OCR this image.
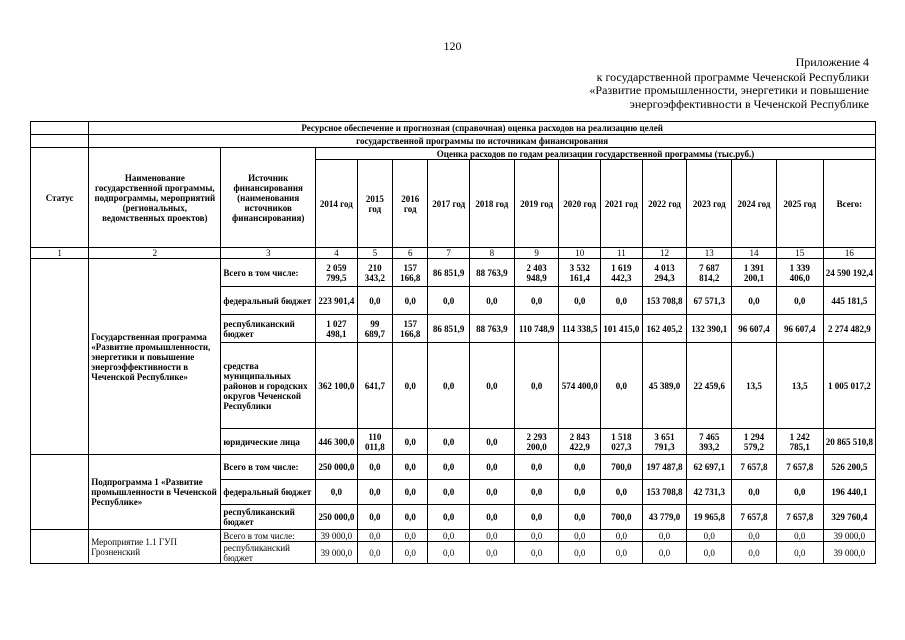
120
Приложение 4
к государственной программе Чеченской Республики
«Развитие промышленности, энергетики и повышение
энергоэффективности в Чеченской Республике
	Ресурсное обеспечение и прогнозная (справочная) оценка расходов на реализацию целей														
	государственной программы по источникам финансирования														
Статус	Наименование государственной программы, подпрограммы, мероприятий (региональных, ведомственных проектов)	Источник финансирования (наименования источников финансирования)	Оценка расходов по годам реализации государственной программы (тыс.руб.)												
			2014 год	2015 год	2016 год	2017 год	2018 год	2019 год	2020 год	2021 год	2022 год	2023 год	2024 год	2025 год	Всего:
1	2	3	4	5	6	7	8	9	10	11	12	13	14	15	16
	Государственная программа «Развитие промышленности, энергетики и повышение энергоэффективности в Чеченской Республике»	Всего в том числе:	2 059 799,5	210 343,2	157 166,8	86 851,9	88 763,9	2 403 948,9	3 532 161,4	1 619 442,3	4 013 294,3	7 687 814,2	1 391 200,1	1 339 406,0	24 590 192,4
		федеральный бюджет	223 901,4	0,0	0,0	0,0	0,0	0,0	0,0	0,0	153 708,8	67 571,3	0,0	0,0	445 181,5
		республиканский бюджет	1 027 498,1	99 689,7	157 166,8	86 851,9	88 763,9	110 748,9	114 338,5	101 415,0	162 405,2	132 390,1	96 607,4	96 607,4	2 274 482,9
		средства муниципальных районов и городских округов Чеченской Республики	362 100,0	641,7	0,0	0,0	0,0	0,0	574 400,0	0,0	45 389,0	22 459,6	13,5	13,5	1 005 017,2
		юридические лица	446 300,0	110 011,8	0,0	0,0	0,0	2 293 200,0	2 843 422,9	1 518 027,3	3 651 791,3	7 465 393,2	1 294 579,2	1 242 785,1	20 865 510,8
	Подпрограмма 1 «Развитие промышленности в Чеченской Республике»	Всего в том числе:	250 000,0	0,0	0,0	0,0	0,0	0,0	0,0	700,0	197 487,8	62 697,1	7 657,8	7 657,8	526 200,5
		федеральный бюджет	0,0	0,0	0,0	0,0	0,0	0,0	0,0	0,0	153 708,8	42 731,3	0,0	0,0	196 440,1
		республиканский бюджет	250 000,0	0,0	0,0	0,0	0,0	0,0	0,0	700,0	43 779,0	19 965,8	7 657,8	7 657,8	329 760,4
	Мероприятие 1.1 ГУП Грозненский	Всего в том числе:	39 000,0	0,0	0,0	0,0	0,0	0,0	0,0	0,0	0,0	0,0	0,0	0,0	39 000,0
		республиканский бюджет	39 000,0	0,0	0,0	0,0	0,0	0,0	0,0	0,0	0,0	0,0	0,0	0,0	39 000,0
